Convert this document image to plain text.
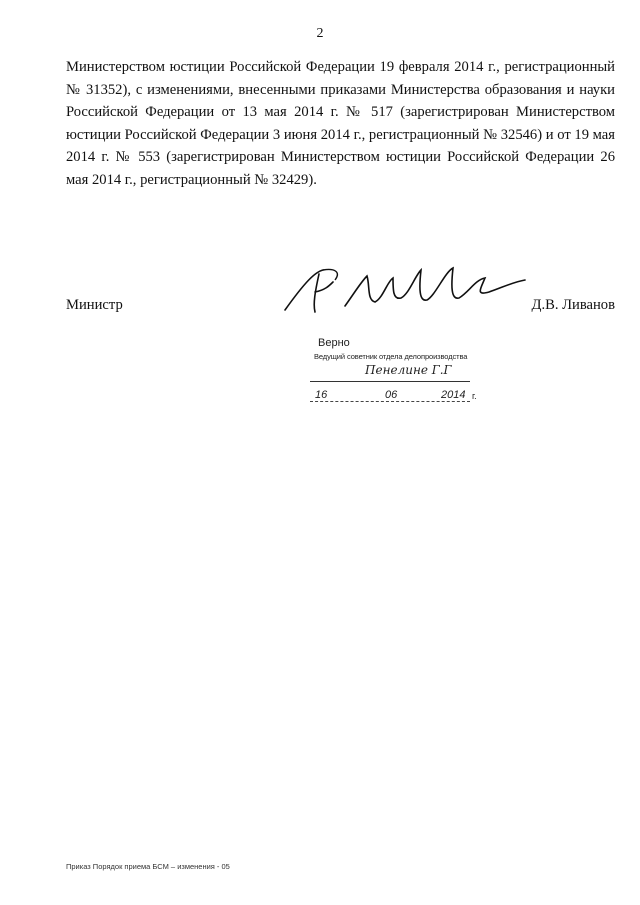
2

Министерством юстиции Российской Федерации 19 февраля 2014 г., регистрационный № 31352), с изменениями, внесенными приказами Министерства образования и науки Российской Федерации от 13 мая 2014 г. № 517 (зарегистрирован Министерством юстиции Российской Федерации 3 июня 2014 г., регистрационный № 32546) и от 19 мая 2014 г. № 553 (зарегистрирован Министерством юстиции Российской Федерации 26 мая 2014 г., регистрационный № 32429).

Министр	Д.В. Ливанов
Верно
Ведущий советник отдела делопроизводства
Пенелине Г.Г
16	06	2014 г.
Приказ Порядок приема БСМ – изменения - 05
